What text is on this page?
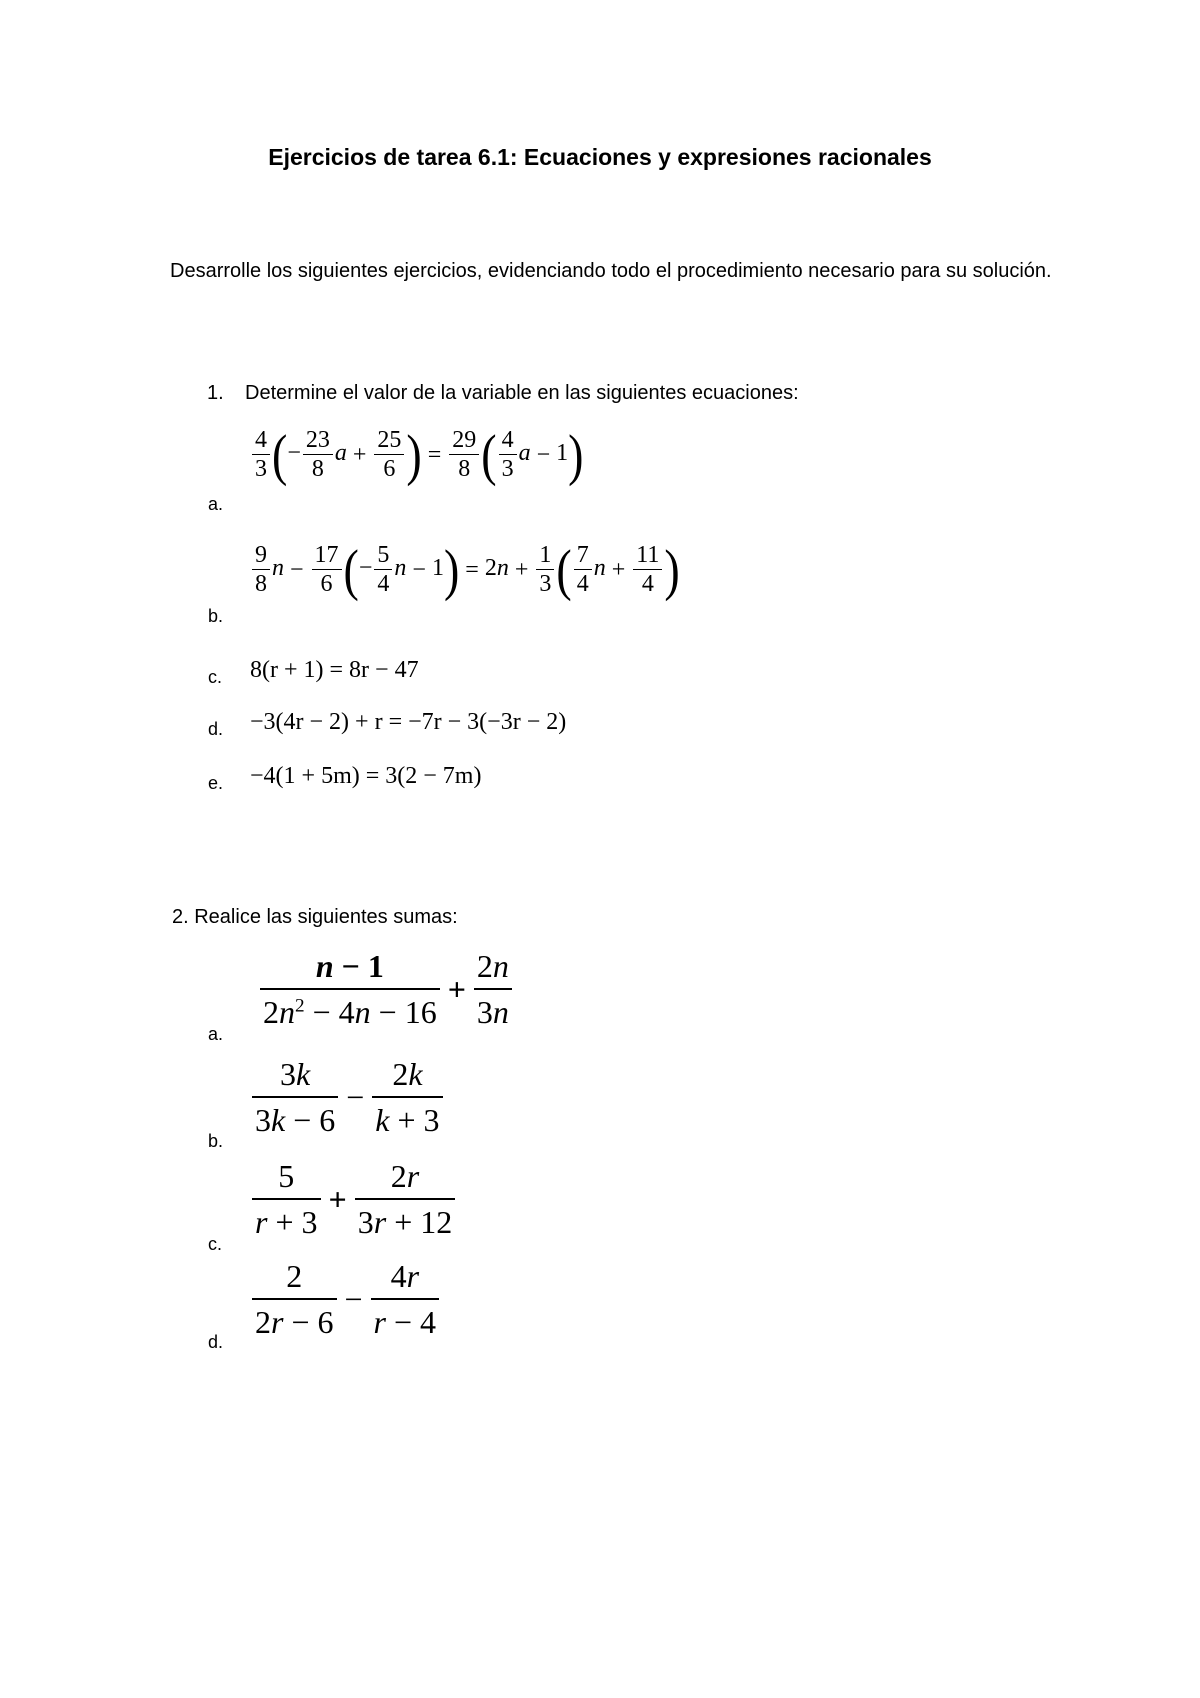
Ejercicios de tarea 6.1: Ecuaciones y expresiones racionales
Desarrolle los siguientes ejercicios, evidenciando todo el procedimiento necesario para su solución.
1. Determine el valor de la variable en las siguientes ecuaciones:
a.
b.
c.
d.
e.
$\frac{4}{3}$ (− $\frac{23}{8}$ $a + \frac{25}{6}$ ) = $\frac{29}{8}$ ( $\frac{4}{3}$ a − 1)
$\frac{9}{8}$ $n - \frac{17}{6}$ (− $\frac{5}{4}$ $n - 1) = 2n + \frac{1}{3}$ ( $\frac{7}{4}$ $n + \frac{11}{4}$ )
8(r + 1) = 8r − 47
−3(4r − 2) + r = −7r − 3(−3r − 2)
−4(1 + 5m) = 3(2 − 7m)
2. Realice las siguientes sumas:
a.
b.
c.
d.
$\frac{n - 1}{2n^2 - 4n - 16} + \frac{2n}{3n}$
$\frac{3k}{3k - 6} - \frac{2k}{k + 3}$
$\frac{5}{r + 3} + \frac{2r}{3r + 12}$
$\frac{2}{2r - 6} - \frac{4r}{r - 4}$
